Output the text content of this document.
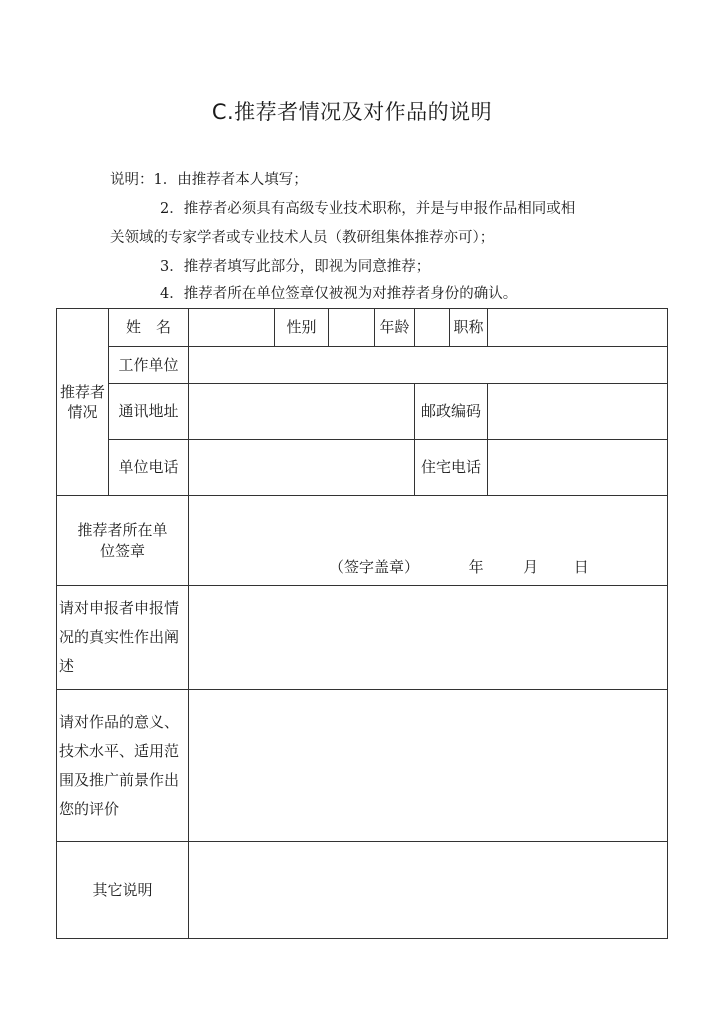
C.推荐者情况及对作品的说明
说明：1．由推荐者本人填写；
2．推荐者必须具有高级专业技术职称，并是与申报作品相同或相
关领域的专家学者或专业技术人员（教研组集体推荐亦可）；
3．推荐者填写此部分，即视为同意推荐；
4．推荐者所在单位签章仅被视为对推荐者身份的确认。
推荐者情况	姓　名		性别		年龄		职称	
	工作单位							
	通讯地址					邮政编码		
	单位电话					住宅电话		
推荐者所在单位签章		（签字盖章） 年 月 日						

请对申报者申报情况的真实性作出阐述								
请对作品的意义、技术水平、适用范围及推广前景作出您的评价								
其它说明								
